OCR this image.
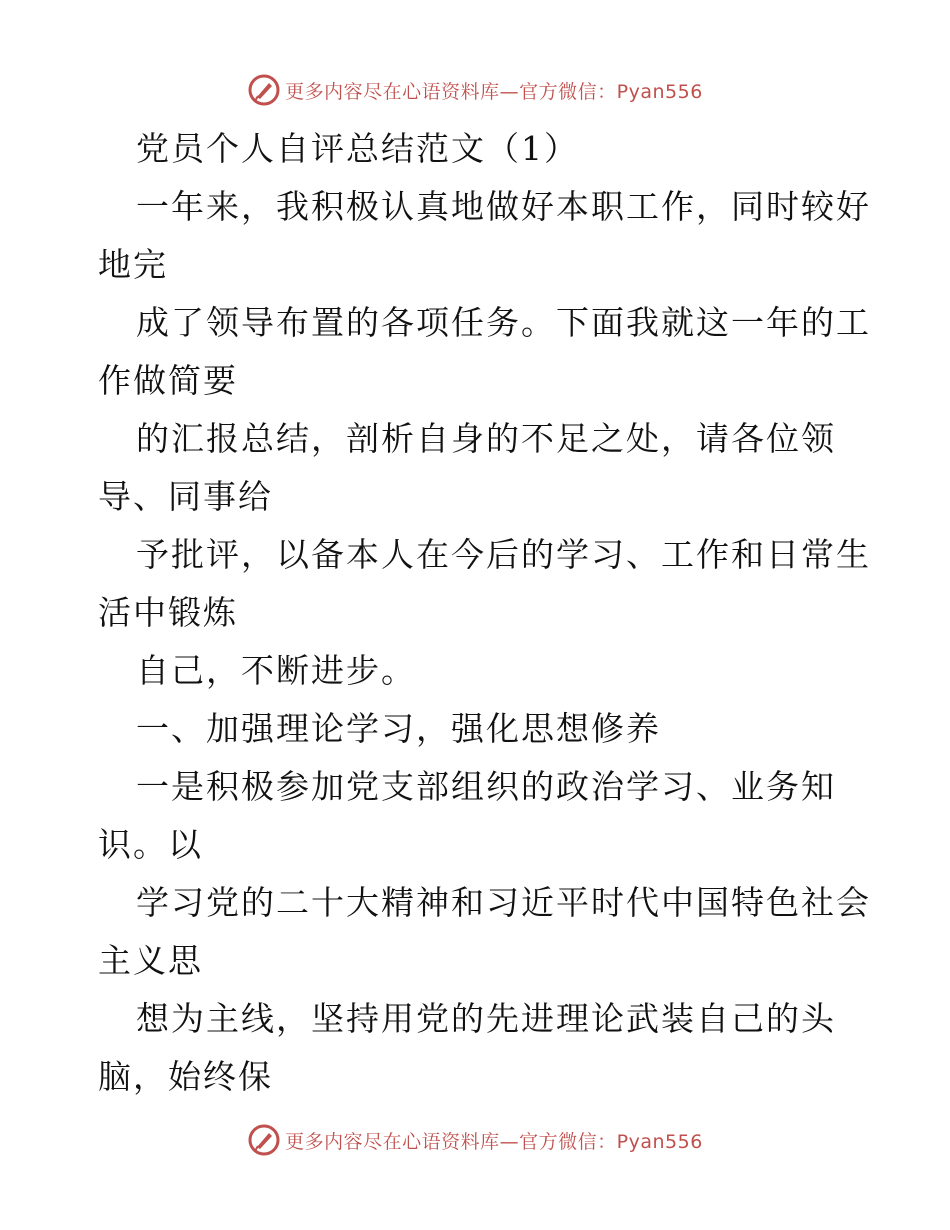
更多内容尽在心语资料库—官方微信：Pyan556
党员个人自评总结范文（1）
一年来，我积极认真地做好本职工作，同时较好
地完
成了领导布置的各项任务。下面我就这一年的工
作做简要
的汇报总结，剖析自身的不足之处，请各位领
导、同事给
予批评，以备本人在今后的学习、工作和日常生
活中锻炼
自己，不断进步。
一、加强理论学习，强化思想修养
一是积极参加党支部组织的政治学习、业务知
识。以
学习党的二十大精神和习近平时代中国特色社会
主义思
想为主线，坚持用党的先进理论武装自己的头
脑，始终保
更多内容尽在心语资料库—官方微信：Pyan556
